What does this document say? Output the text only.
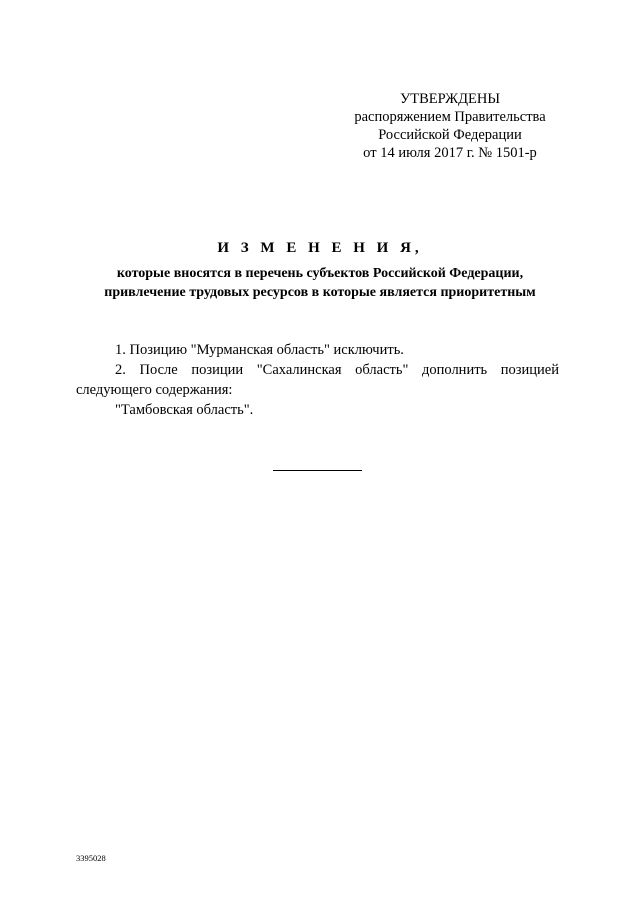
УТВЕРЖДЕНЫ
распоряжением Правительства
Российской Федерации
от 14 июля 2017 г. № 1501-р
И З М Е Н Е Н И Я,
которые вносятся в перечень субъектов Российской Федерации,
привлечение трудовых ресурсов в которые является приоритетным

1. Позицию "Мурманская область" исключить.

2. После позиции "Сахалинская область" дополнить позицией следующего содержания:

"Тамбовская область".

3395028
